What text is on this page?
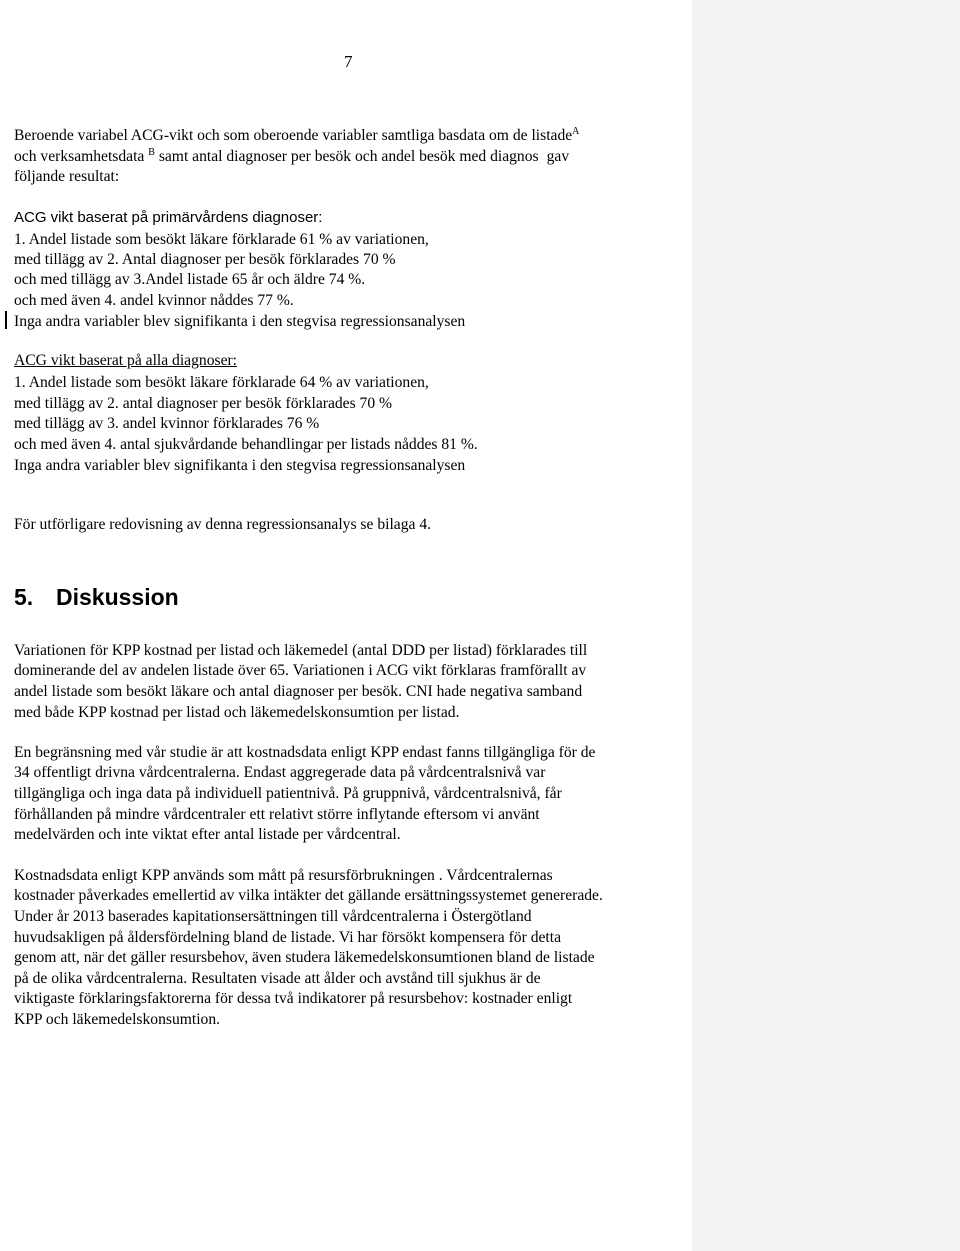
7
Beroende variabel ACG-vikt och som oberoende variabler samtliga basdata om de listade$^A$
och verksamhetsdata $^B$ samt antal diagnoser per besök och andel besök med diagnos gav
följande resultat:
ACG vikt baserat på primärvårdens diagnoser:
1. Andel listade som besökt läkare förklarade 61 % av variationen,
med tillägg av 2. Antal diagnoser per besök förklarades 70 %
och med tillägg av 3.Andel listade 65 år och äldre 74 %.
och med även 4. andel kvinnor nåddes 77 %.
Inga andra variabler blev signifikanta i den stegvisa regressionsanalysen
ACG vikt baserat på alla diagnoser:
1. Andel listade som besökt läkare förklarade 64 % av variationen,
med tillägg av 2. antal diagnoser per besök förklarades 70 %
med tillägg av 3. andel kvinnor förklarades 76 %
och med även 4. antal sjukvårdande behandlingar per listads nåddes 81 %.
Inga andra variabler blev signifikanta i den stegvisa regressionsanalysen
För utförligare redovisning av denna regressionsanalys se bilaga 4.
5. Diskussion
Variationen för KPP kostnad per listad och läkemedel (antal DDD per listad) förklarades till
dominerande del av andelen listade över 65. Variationen i ACG vikt förklaras framförallt av
andel listade som besökt läkare och antal diagnoser per besök. CNI hade negativa samband
med både KPP kostnad per listad och läkemedelskonsumtion per listad.
En begränsning med vår studie är att kostnadsdata enligt KPP endast fanns tillgängliga för de
34 offentligt drivna vårdcentralerna. Endast aggregerade data på vårdcentralsnivå var
tillgängliga och inga data på individuell patientnivå. På gruppnivå, vårdcentralsnivå, får
förhållanden på mindre vårdcentraler ett relativt större inflytande eftersom vi använt
medelvärden och inte viktat efter antal listade per vårdcentral.
Kostnadsdata enligt KPP används som mått på resursförbrukningen . Vårdcentralernas
kostnader påverkades emellertid av vilka intäkter det gällande ersättningssystemet genererade.
Under år 2013 baserades kapitationsersättningen till vårdcentralerna i Östergötland
huvudsakligen på åldersfördelning bland de listade. Vi har försökt kompensera för detta
genom att, när det gäller resursbehov, även studera läkemedelskonsumtionen bland de listade
på de olika vårdcentralerna. Resultaten visade att ålder och avstånd till sjukhus är de
viktigaste förklaringsfaktorerna för dessa två indikatorer på resursbehov: kostnader enligt
KPP och läkemedelskonsumtion.
